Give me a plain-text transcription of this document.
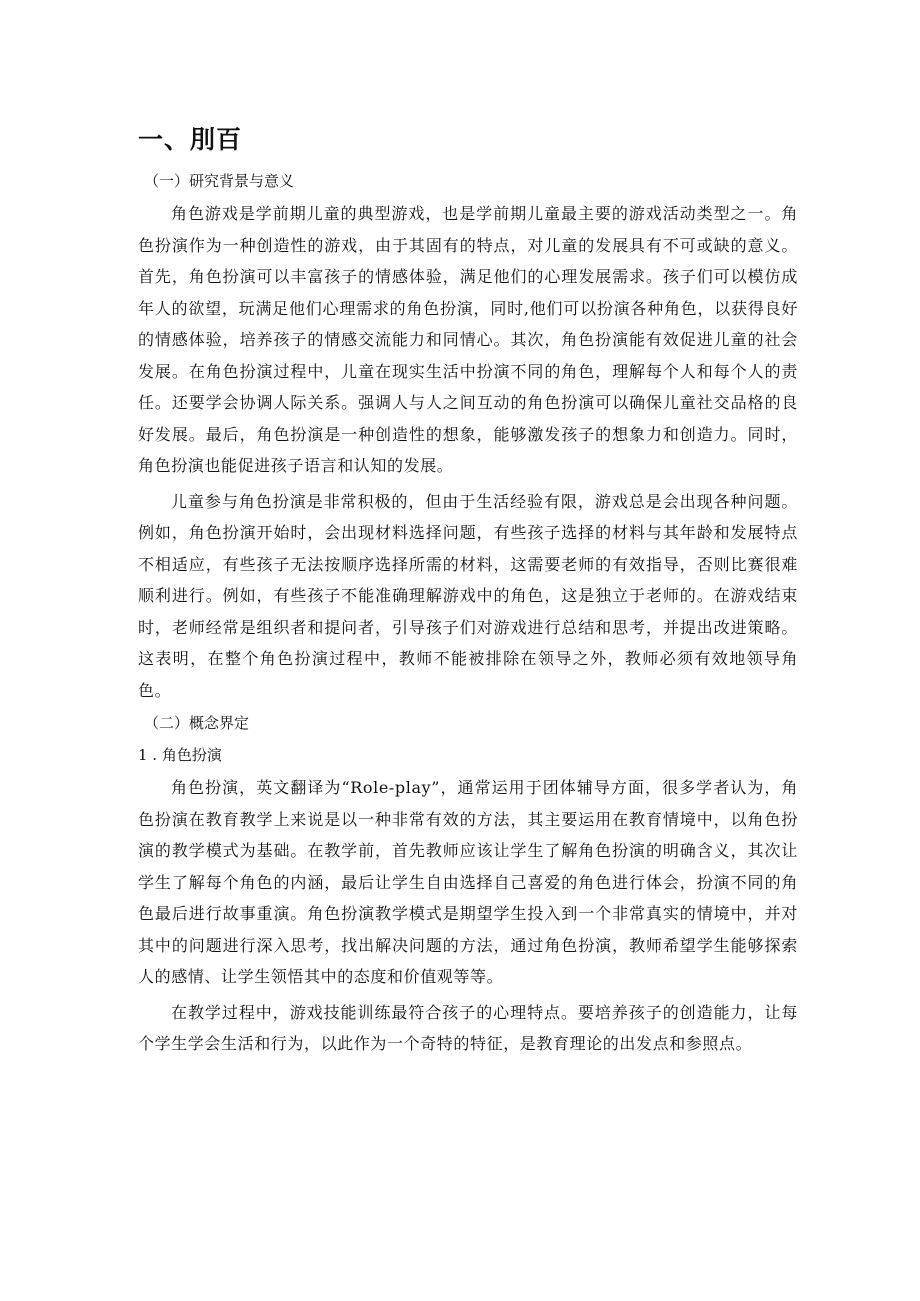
一、刖百
（一）研究背景与意义

角色游戏是学前期儿童的典型游戏，也是学前期儿童最主要的游戏活动类型之一。角色扮演作为一种创造性的游戏，由于其固有的特点，对儿童的发展具有不可或缺的意义。首先，角色扮演可以丰富孩子的情感体验，满足他们的心理发展需求。孩子们可以模仿成年人的欲望，玩满足他们心理需求的角色扮演，同时,他们可以扮演各种角色，以获得良好的情感体验，培养孩子的情感交流能力和同情心。其次，角色扮演能有效促进儿童的社会发展。在角色扮演过程中，儿童在现实生活中扮演不同的角色，理解每个人和每个人的责任。还要学会协调人际关系。强调人与人之间互动的角色扮演可以确保儿童社交品格的良好发展。最后，角色扮演是一种创造性的想象，能够激发孩子的想象力和创造力。同时，角色扮演也能促进孩子语言和认知的发展。

儿童参与角色扮演是非常积极的，但由于生活经验有限，游戏总是会出现各种问题。例如，角色扮演开始时，会出现材料选择问题，有些孩子选择的材料与其年龄和发展特点不相适应，有些孩子无法按顺序选择所需的材料，这需要老师的有效指导，否则比赛很难顺利进行。例如，有些孩子不能准确理解游戏中的角色，这是独立于老师的。在游戏结束时，老师经常是组织者和提问者，引导孩子们对游戏进行总结和思考，并提出改进策略。这表明，在整个角色扮演过程中，教师不能被排除在领导之外，教师必须有效地领导角色。

（二）概念界定
1 . 角色扮演

角色扮演，英文翻译为“Role-play”，通常运用于团体辅导方面，很多学者认为，角色扮演在教育教学上来说是以一种非常有效的方法，其主要运用在教育情境中，以角色扮演的教学模式为基础。在教学前，首先教师应该让学生了解角色扮演的明确含义，其次让学生了解每个角色的内涵，最后让学生自由选择自己喜爱的角色进行体会，扮演不同的角色最后进行故事重演。角色扮演教学模式是期望学生投入到一个非常真实的情境中，并对其中的问题进行深入思考，找出解决问题的方法，通过角色扮演，教师希望学生能够探索人的感情、让学生领悟其中的态度和价值观等等。

在教学过程中，游戏技能训练最符合孩子的心理特点。要培养孩子的创造能力，让每个学生学会生活和行为，以此作为一个奇特的特征，是教育理论的出发点和参照点。
